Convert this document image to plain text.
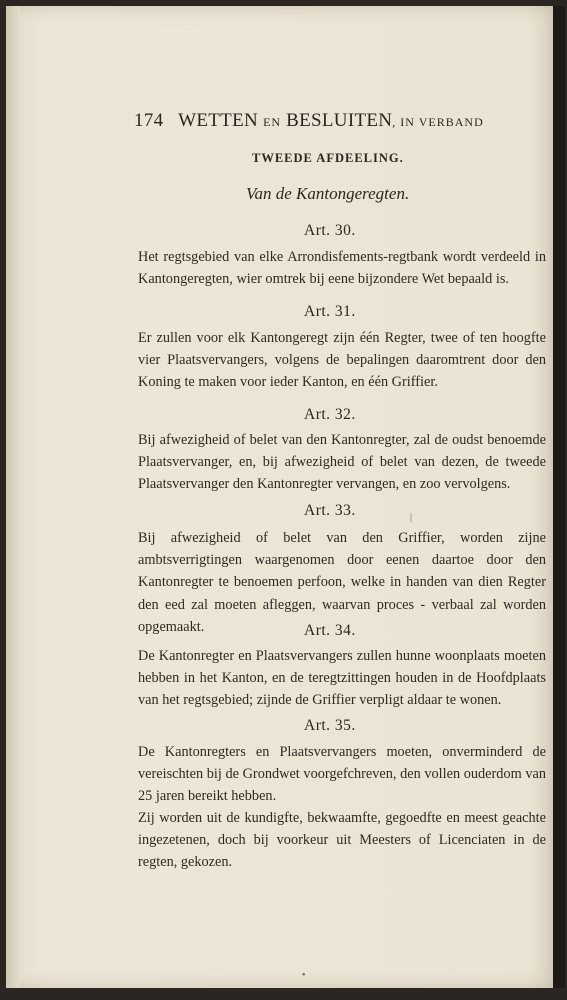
174 WETTEN EN BESLUITEN, IN VERBAND
TWEEDE AFDEELING.
Van de Kantongeregten.
Art. 30.
Het regtsgebied van elke Arrondisfements-regtbank wordt verdeeld in Kantongeregten, wier omtrek bij eene bijzondere Wet bepaald is.
Art. 31.
Er zullen voor elk Kantongeregt zijn één Regter, twee of ten hoogfte vier Plaatsvervangers, volgens de bepalingen daaromtrent door den Koning te maken voor ieder Kanton, en één Griffier.
Art. 32.
Bij afwezigheid of belet van den Kantonregter, zal de oudst benoemde Plaatsvervanger, en, bij afwezigheid of belet van dezen, de tweede Plaatsvervanger den Kantonregter vervangen, en zoo vervolgens.
Art. 33.
Bij afwezigheid of belet van den Griffier, worden zijne ambtsverrigtingen waargenomen door eenen daartoe door den Kantonregter te benoemen perfoon, welke in handen van dien Regter den eed zal moeten afleggen, waarvan proces - verbaal zal worden opgemaakt.	Art. 34.
De Kantonregter en Plaatsvervangers zullen hunne woonplaats moeten hebben in het Kanton, en de teregtzittingen houden in de Hoofdplaats van het regtsgebied; zijnde de Griffier verpligt aldaar te wonen.
Art. 35.
De Kantonregters en Plaatsvervangers moeten, onverminderd de vereischten bij de Grondwet voorgefchreven, den vollen ouderdom van 25 jaren bereikt hebben.
Zij worden uit de kundigfte, bekwaamfte, gegoedfte en meest geachte ingezetenen, doch bij voorkeur uit Meesters of Licenciaten in de regten, gekozen.
|
•
